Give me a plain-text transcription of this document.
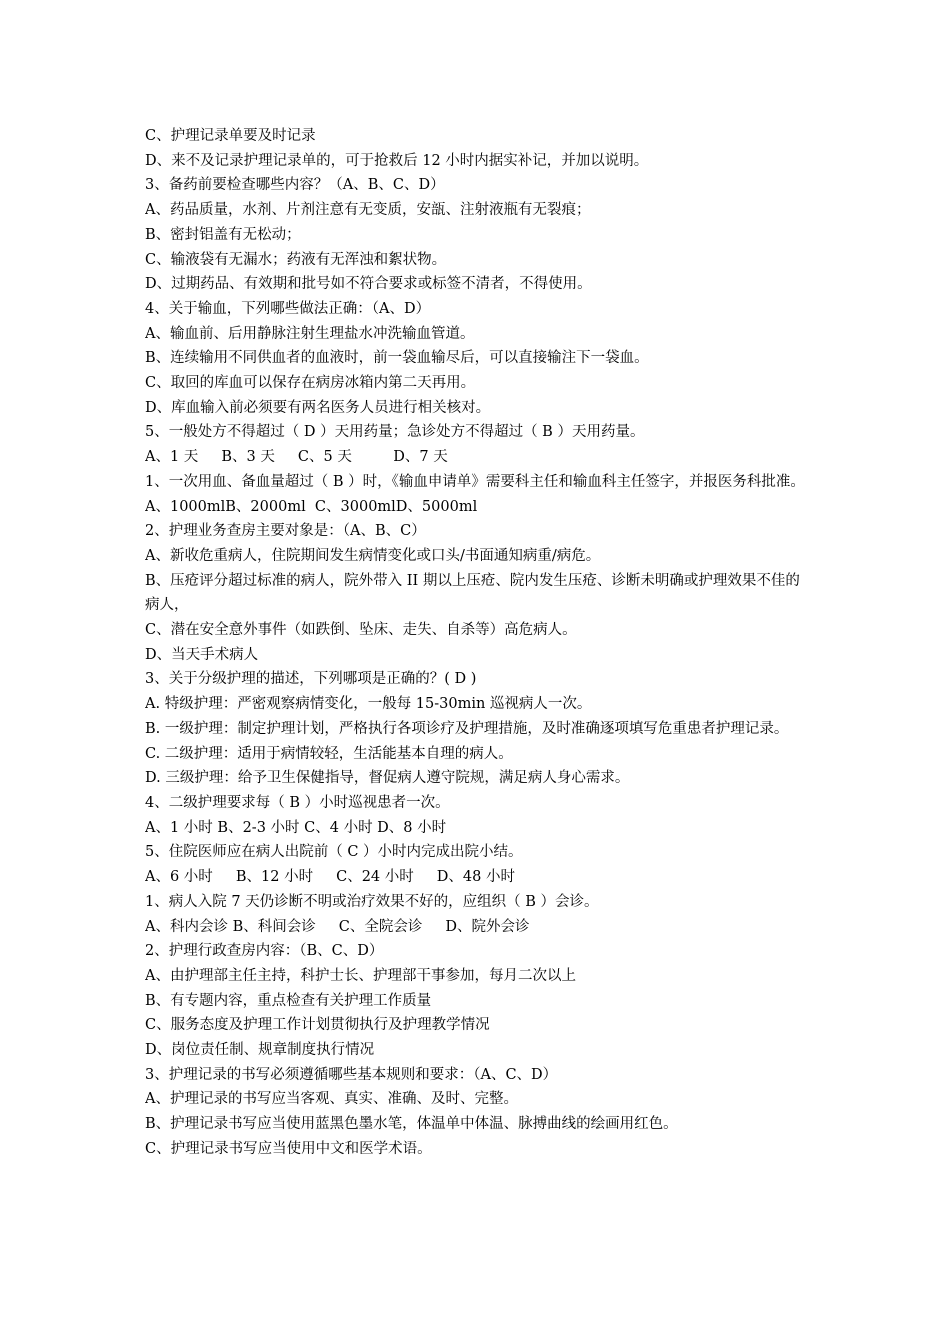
C、护理记录单要及时记录
D、来不及记录护理记录单的，可于抢救后 12 小时内据实补记，并加以说明。
3、备药前要检查哪些内容？（A、B、C、D）
A、药品质量，水剂、片剂注意有无变质，安瓿、注射液瓶有无裂痕；
B、密封铝盖有无松动；
C、输液袋有无漏水；药液有无浑浊和絮状物。
D、过期药品、有效期和批号如不符合要求或标签不清者，不得使用。
4、关于输血，下列哪些做法正确：（A、D）
A、输血前、后用静脉注射生理盐水冲洗输血管道。
B、连续输用不同供血者的血液时，前一袋血输尽后，可以直接输注下一袋血。
C、取回的库血可以保存在病房冰箱内第二天再用。
D、库血输入前必须要有两名医务人员进行相关核对。
5、一般处方不得超过（ D ）天用药量；急诊处方不得超过（ B ）天用药量。
A、1 天     B、3 天     C、5 天         D、7 天
1、一次用血、备血量超过（ B ）时，《输血申请单》需要科主任和输血科主任签字，并报医务科批准。
A、1000mlB、2000ml  C、3000mlD、5000ml
2、护理业务查房主要对象是：（A、B、C）
A、新收危重病人，住院期间发生病情变化或口头/书面通知病重/病危。
B、压疮评分超过标准的病人，院外带入 II 期以上压疮、院内发生压疮、诊断未明确或护理效果不佳的病人，
C、潜在安全意外事件（如跌倒、坠床、走失、自杀等）高危病人。
D、当天手术病人
3、关于分级护理的描述，下列哪项是正确的？( D )
A. 特级护理：严密观察病情变化，一般每 15-30min 巡视病人一次。
B. 一级护理：制定护理计划，严格执行各项诊疗及护理措施，及时准确逐项填写危重患者护理记录。
C. 二级护理：适用于病情较轻，生活能基本自理的病人。
D. 三级护理：给予卫生保健指导，督促病人遵守院规，满足病人身心需求。
4、二级护理要求每（ B ）小时巡视患者一次。
A、1 小时 B、2-3 小时 C、4 小时 D、8 小时
5、住院医师应在病人出院前（ C ）小时内完成出院小结。
A、6 小时     B、12 小时     C、24 小时     D、48 小时
1、病人入院 7 天仍诊断不明或治疗效果不好的，应组织（ B ）会诊。
A、科内会诊 B、科间会诊     C、全院会诊     D、院外会诊
2、护理行政查房内容：（B、C、D）
A、由护理部主任主持，科护士长、护理部干事参加，每月二次以上
B、有专题内容，重点检查有关护理工作质量
C、服务态度及护理工作计划贯彻执行及护理教学情况
D、岗位责任制、规章制度执行情况
3、护理记录的书写必须遵循哪些基本规则和要求：（A、C、D）
A、护理记录的书写应当客观、真实、准确、及时、完整。
B、护理记录书写应当使用蓝黑色墨水笔，体温单中体温、脉搏曲线的绘画用红色。
C、护理记录书写应当使用中文和医学术语。
